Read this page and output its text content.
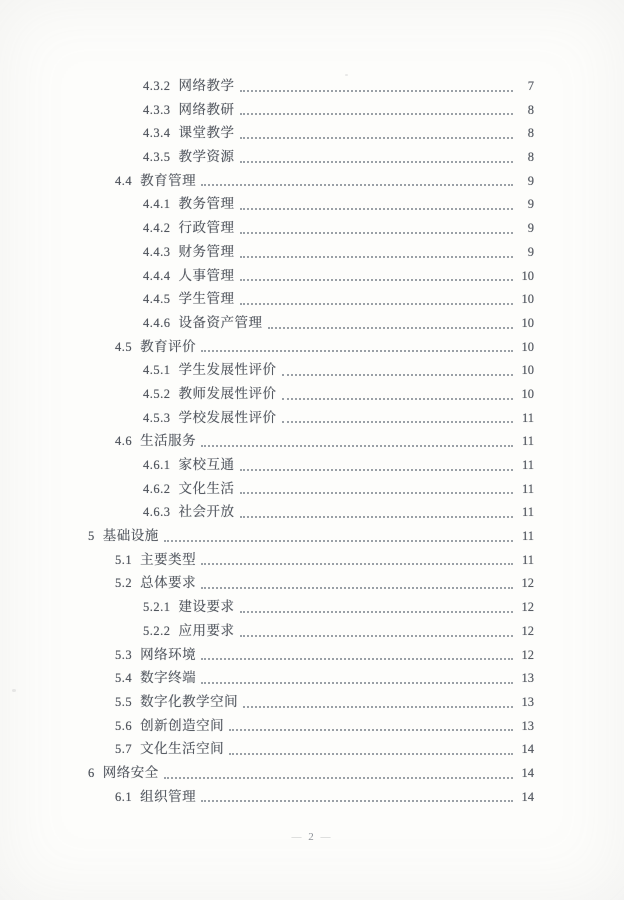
4.3.2 网络教学	7
4.3.3 网络教研	8
4.3.4 课堂教学	8
4.3.5 教学资源	8
4.4 教育管理	9
4.4.1 教务管理	9
4.4.2 行政管理	9
4.4.3 财务管理	9
4.4.4 人事管理	10
4.4.5 学生管理	10
4.4.6 设备资产管理	10
4.5 教育评价	10
4.5.1 学生发展性评价	10
4.5.2 教师发展性评价	10
4.5.3 学校发展性评价	11
4.6 生活服务	11
4.6.1 家校互通	11
4.6.2 文化生活	11
4.6.3 社会开放	11
5 基础设施	11
5.1 主要类型	11
5.2 总体要求	12
5.2.1 建设要求	12
5.2.2 应用要求	12
5.3 网络环境	12
5.4 数字终端	13
5.5 数字化教学空间	13
5.6 创新创造空间	13
5.7 文化生活空间	14
6 网络安全	14
6.1 组织管理	14
— 2 —
